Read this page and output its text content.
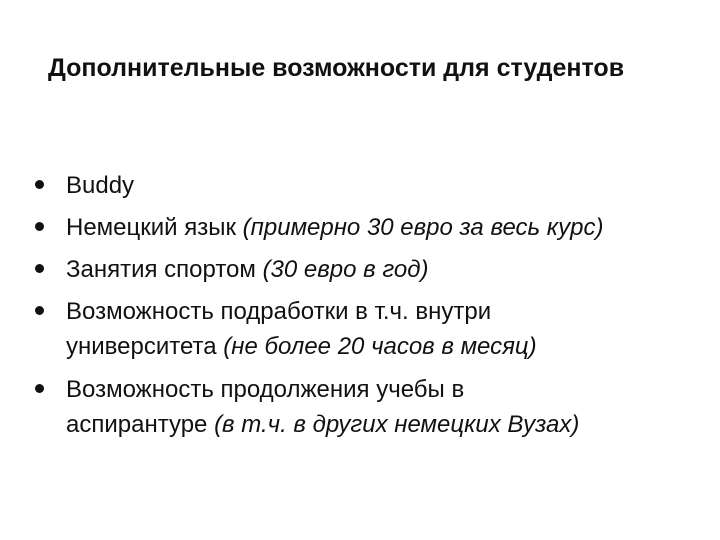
Дополнительные возможности для студентов
Buddy
Немецкий язык (примерно 30 евро за весь курс)
Занятия спортом (30 евро в год)
Возможность подработки в т.ч. внутри
университета (не более 20 часов в месяц)
Возможность продолжения учебы в
аспирантуре (в т.ч. в других немецких Вузах)
